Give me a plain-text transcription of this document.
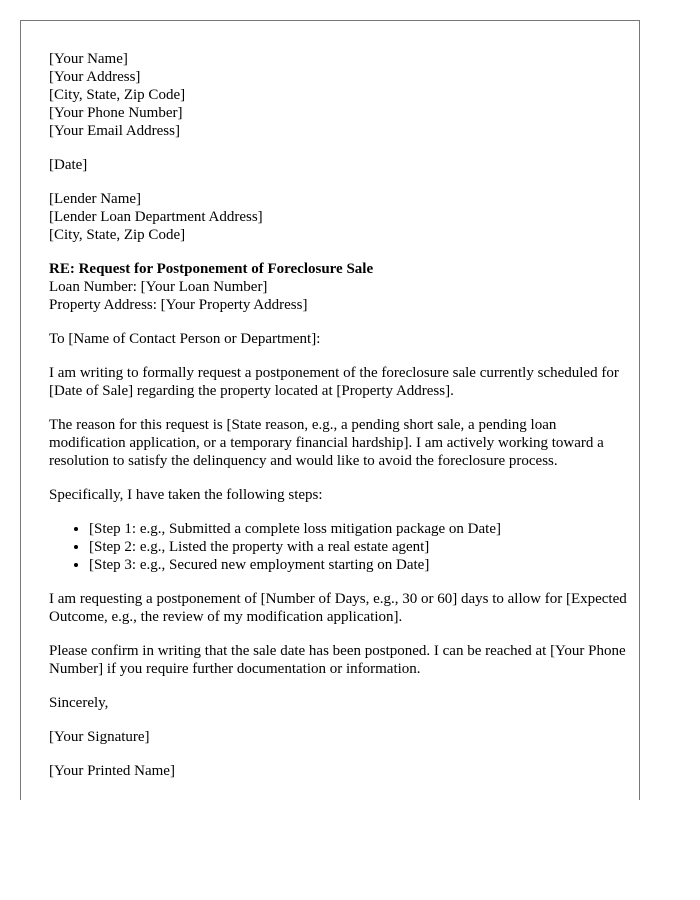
[Your Name]
[Your Address]
[City, State, Zip Code]
[Your Phone Number]
[Your Email Address]
[Date]
[Lender Name]
[Lender Loan Department Address]
[City, State, Zip Code]
RE: Request for Postponement of Foreclosure Sale
Loan Number: [Your Loan Number]
Property Address: [Your Property Address]

To [Name of Contact Person or Department]:

I am writing to formally request a postponement of the foreclosure sale currently scheduled for [Date of Sale] regarding the property located at [Property Address].

The reason for this request is [State reason, e.g., a pending short sale, a pending loan modification application, or a temporary financial hardship]. I am actively working toward a resolution to satisfy the delinquency and would like to avoid the foreclosure process.

Specifically, I have taken the following steps:

• [Step 1: e.g., Submitted a complete loss mitigation package on Date]
• [Step 2: e.g., Listed the property with a real estate agent]
• [Step 3: e.g., Secured new employment starting on Date]

I am requesting a postponement of [Number of Days, e.g., 30 or 60] days to allow for [Expected Outcome, e.g., the review of my modification application].

Please confirm in writing that the sale date has been postponed. I can be reached at [Your Phone Number] if you require further documentation or information.

Sincerely,

[Your Signature]

[Your Printed Name]
